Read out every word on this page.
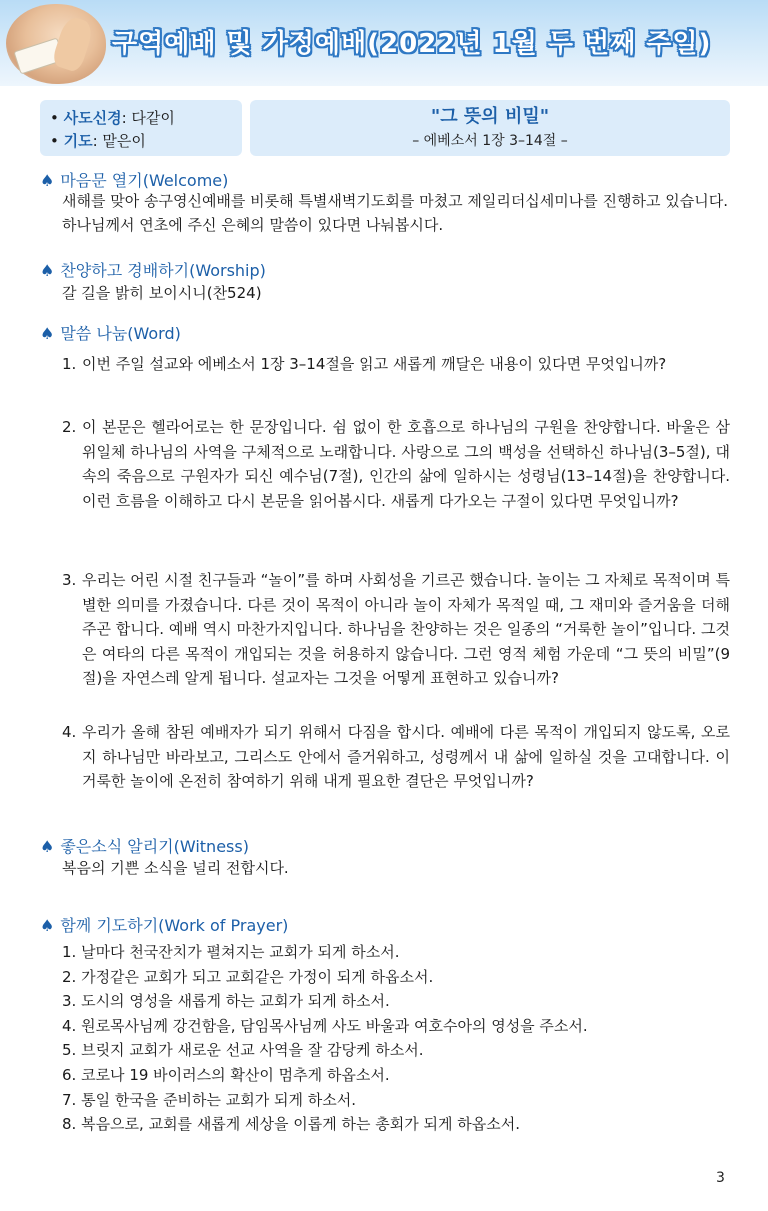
구역예배 및 가정예배(2022년 1월 두 번째 주일)
• 사도신경: 다같이
• 기도: 맡은이
"그 뜻의 비밀"
– 에베소서 1장 3–14절 –
♠ 마음문 열기(Welcome)
새해를 맞아 송구영신예배를 비롯해 특별새벽기도회를 마쳤고 제일리더십세미나를 진행하고 있습니다. 하나님께서 연초에 주신 은혜의 말씀이 있다면 나눠봅시다.
♠ 찬양하고 경배하기(Worship)
갈 길을 밝히 보이시니(찬524)
♠ 말씀 나눔(Word)
1. 이번 주일 설교와 에베소서 1장 3–14절을 읽고 새롭게 깨달은 내용이 있다면 무엇입니까?
2. 이 본문은 헬라어로는 한 문장입니다. 쉼 없이 한 호흡으로 하나님의 구원을 찬양합니다. 바울은 삼위일체 하나님의 사역을 구체적으로 노래합니다. 사랑으로 그의 백성을 선택하신 하나님(3–5절), 대속의 죽음으로 구원자가 되신 예수님(7절), 인간의 삶에 일하시는 성령님(13–14절)을 찬양합니다. 이런 흐름을 이해하고 다시 본문을 읽어봅시다. 새롭게 다가오는 구절이 있다면 무엇입니까?
3. 우리는 어린 시절 친구들과 “놀이”를 하며 사회성을 기르곤 했습니다. 놀이는 그 자체로 목적이며 특별한 의미를 가졌습니다. 다른 것이 목적이 아니라 놀이 자체가 목적일 때, 그 재미와 즐거움을 더해주곤 합니다. 예배 역시 마찬가지입니다. 하나님을 찬양하는 것은 일종의 “거룩한 놀이”입니다. 그것은 여타의 다른 목적이 개입되는 것을 허용하지 않습니다. 그런 영적 체험 가운데 “그 뜻의 비밀”(9절)을 자연스레 알게 됩니다. 설교자는 그것을 어떻게 표현하고 있습니까?
4. 우리가 올해 참된 예배자가 되기 위해서 다짐을 합시다. 예배에 다른 목적이 개입되지 않도록, 오로지 하나님만 바라보고, 그리스도 안에서 즐거워하고, 성령께서 내 삶에 일하실 것을 고대합니다. 이 거룩한 놀이에 온전히 참여하기 위해 내게 필요한 결단은 무엇입니까?
♠ 좋은소식 알리기(Witness)
복음의 기쁜 소식을 널리 전합시다.
♠ 함께 기도하기(Work of Prayer)
1. 날마다 천국잔치가 펼쳐지는 교회가 되게 하소서.
2. 가정같은 교회가 되고 교회같은 가정이 되게 하옵소서.
3. 도시의 영성을 새롭게 하는 교회가 되게 하소서.
4. 원로목사님께 강건함을, 담임목사님께 사도 바울과 여호수아의 영성을 주소서.
5. 브릿지 교회가 새로운 선교 사역을 잘 감당케 하소서.
6. 코로나 19 바이러스의 확산이 멈추게 하옵소서.
7. 통일 한국을 준비하는 교회가 되게 하소서.
8. 복음으로, 교회를 새롭게 세상을 이롭게 하는 총회가 되게 하옵소서.
3
